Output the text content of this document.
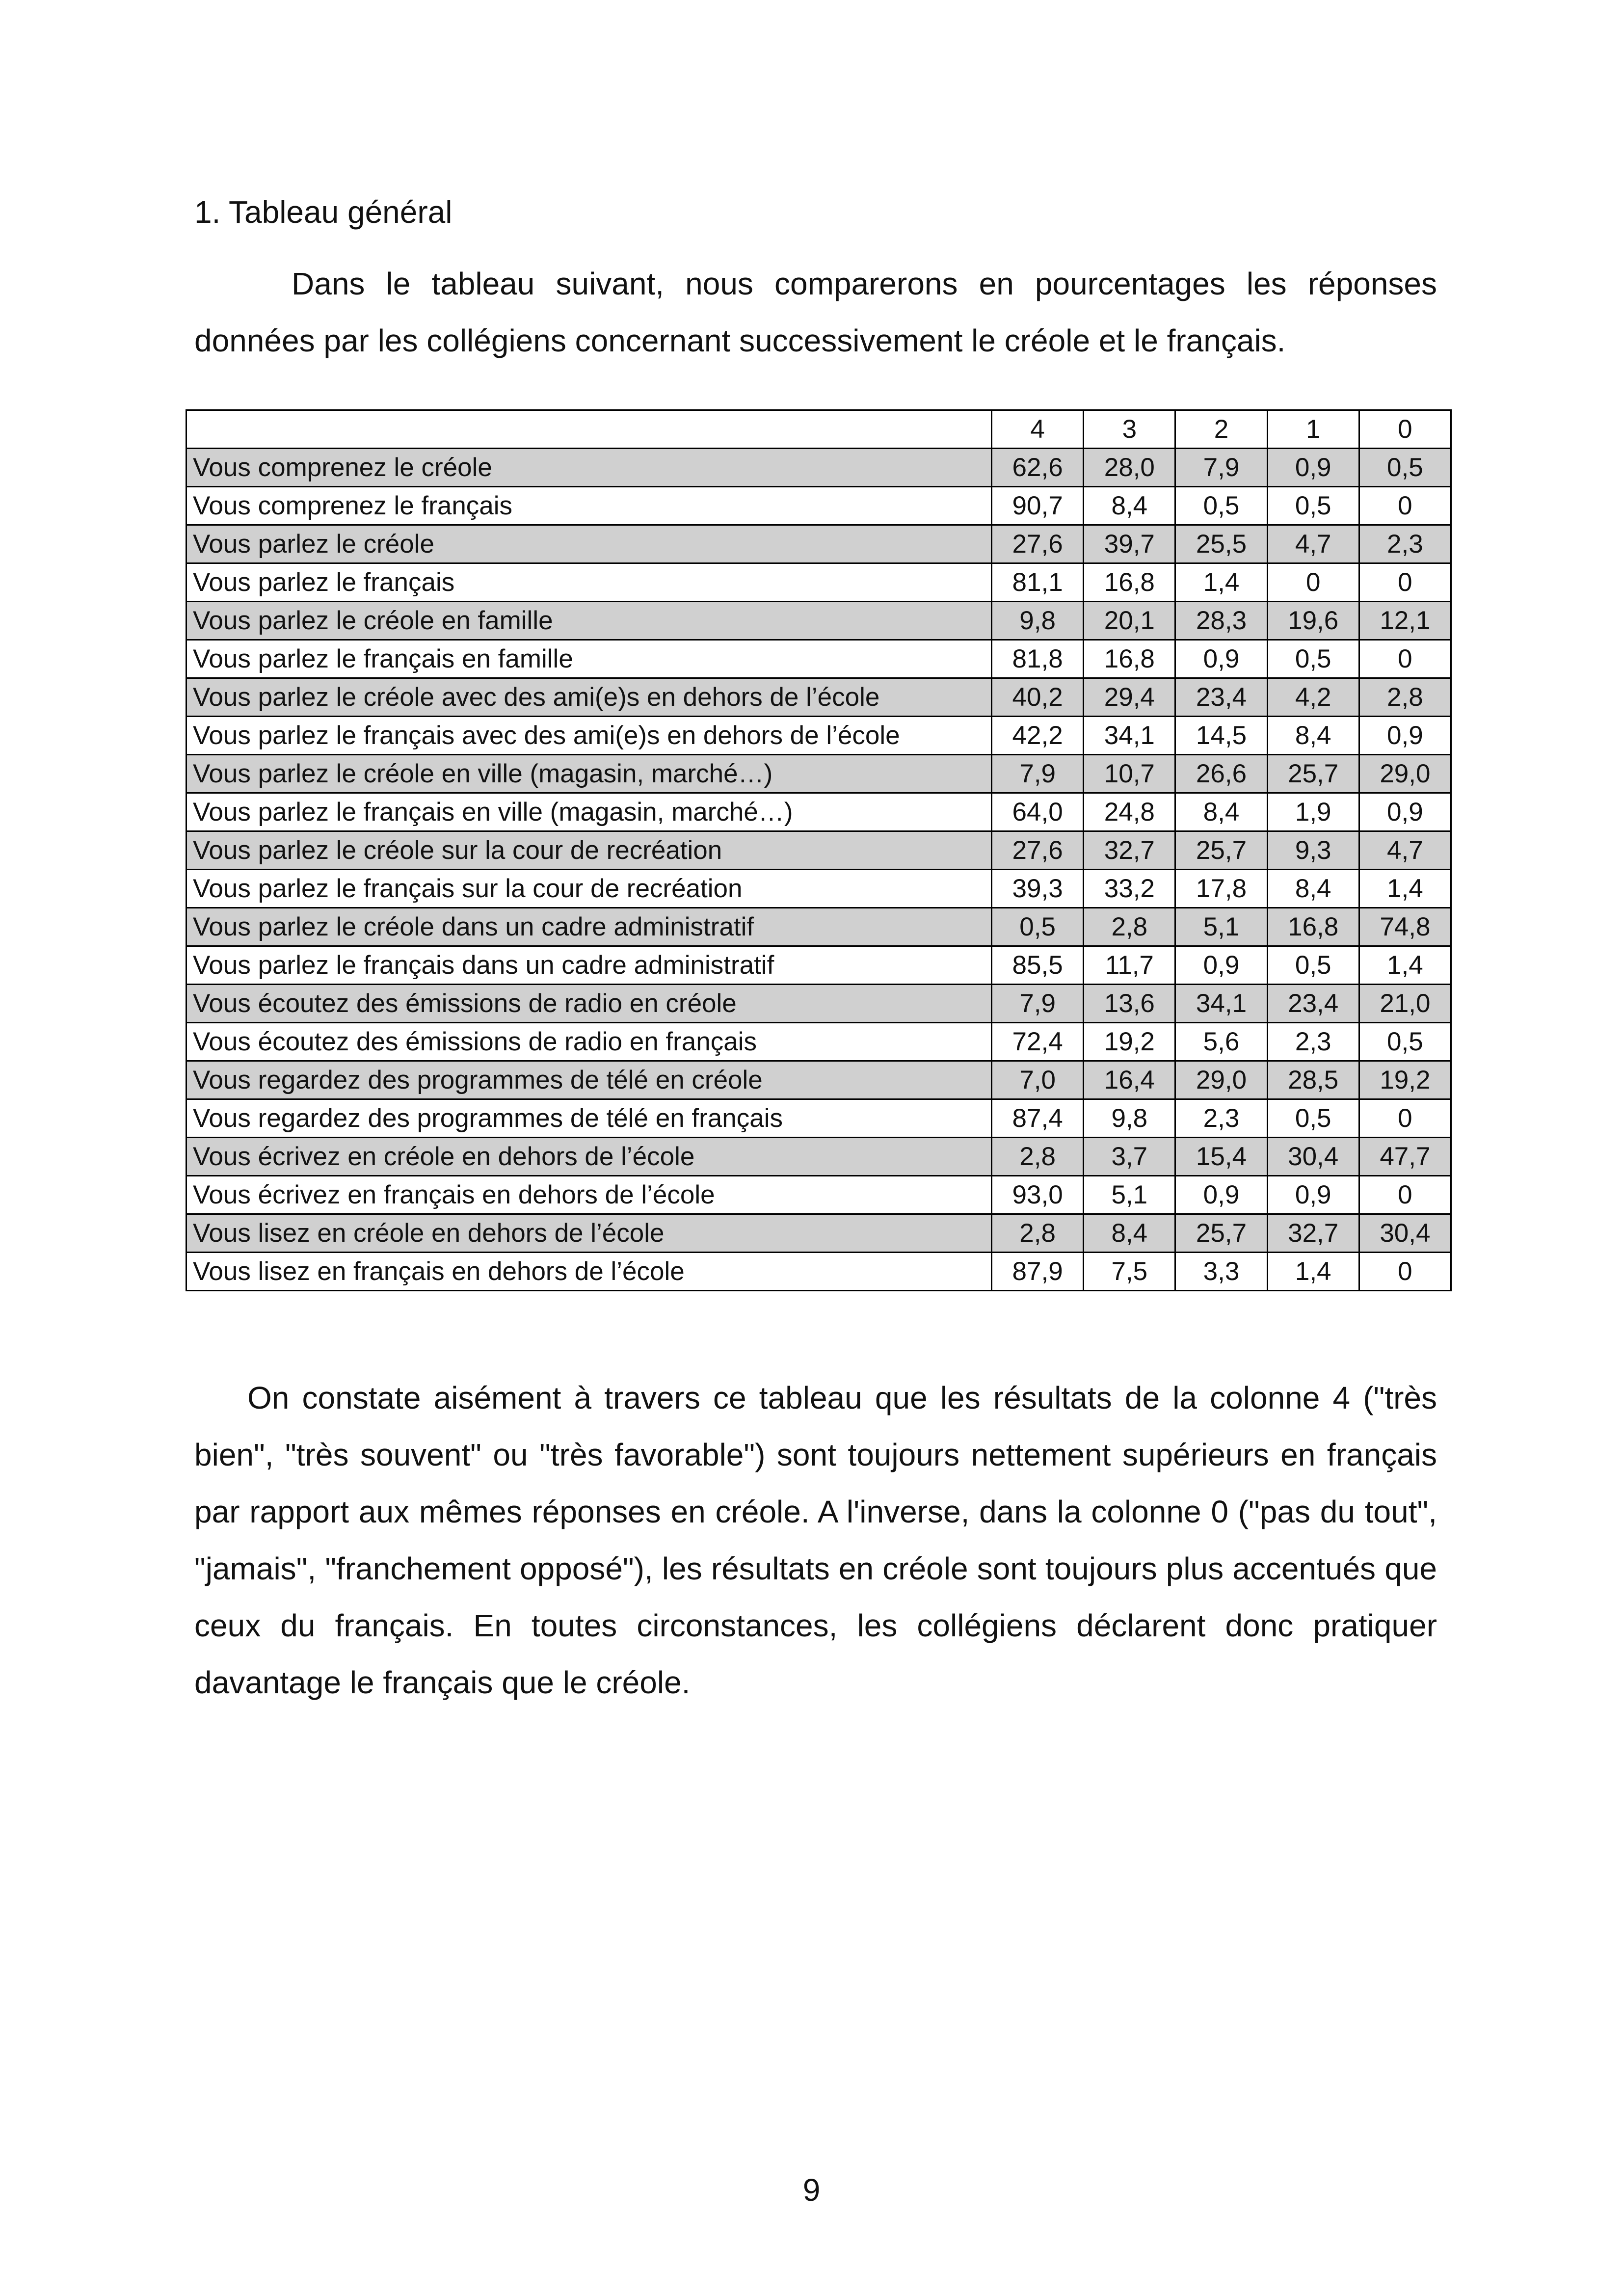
1. Tableau général

Dans le tableau suivant, nous comparerons en pourcentages les réponses données par les collégiens concernant successivement le créole et le français.

	4	3	2	1	0
Vous comprenez le créole	62,6	28,0	7,9	0,9	0,5
Vous comprenez le français	90,7	8,4	0,5	0,5	0
Vous parlez le créole	27,6	39,7	25,5	4,7	2,3
Vous parlez le français	81,1	16,8	1,4	0	0
Vous parlez le créole en famille	9,8	20,1	28,3	19,6	12,1
Vous parlez le français en famille	81,8	16,8	0,9	0,5	0
Vous parlez le créole avec des ami(e)s en dehors de l’école	40,2	29,4	23,4	4,2	2,8
Vous parlez le français avec des ami(e)s en dehors de l’école	42,2	34,1	14,5	8,4	0,9
Vous parlez le créole en ville (magasin, marché…)	7,9	10,7	26,6	25,7	29,0
Vous parlez le français en ville (magasin, marché…)	64,0	24,8	8,4	1,9	0,9
Vous parlez le créole sur la cour de recréation	27,6	32,7	25,7	9,3	4,7
Vous parlez le français sur la cour de recréation	39,3	33,2	17,8	8,4	1,4
Vous parlez le créole dans un cadre administratif	0,5	2,8	5,1	16,8	74,8
Vous parlez le français dans un cadre administratif	85,5	11,7	0,9	0,5	1,4
Vous écoutez des émissions de radio en créole	7,9	13,6	34,1	23,4	21,0
Vous écoutez des émissions de radio en français	72,4	19,2	5,6	2,3	0,5
Vous regardez des programmes de télé en créole	7,0	16,4	29,0	28,5	19,2
Vous regardez des programmes de télé en français	87,4	9,8	2,3	0,5	0
Vous écrivez en créole en dehors de l’école	2,8	3,7	15,4	30,4	47,7
Vous écrivez en français en dehors de l’école	93,0	5,1	0,9	0,9	0
Vous lisez en créole en dehors de l’école	2,8	8,4	25,7	32,7	30,4
Vous lisez en français en dehors de l’école	87,9	7,5	3,3	1,4	0

On constate aisément à travers ce tableau que les résultats de la colonne 4 ("très bien", "très souvent" ou "très favorable") sont toujours nettement supérieurs en français par rapport aux mêmes réponses en créole. A l'inverse, dans la colonne 0 ("pas du tout", "jamais", "franchement opposé"), les résultats en créole sont toujours plus accentués que ceux du français. En toutes circonstances, les collégiens déclarent donc pratiquer davantage le français que le créole.

9
